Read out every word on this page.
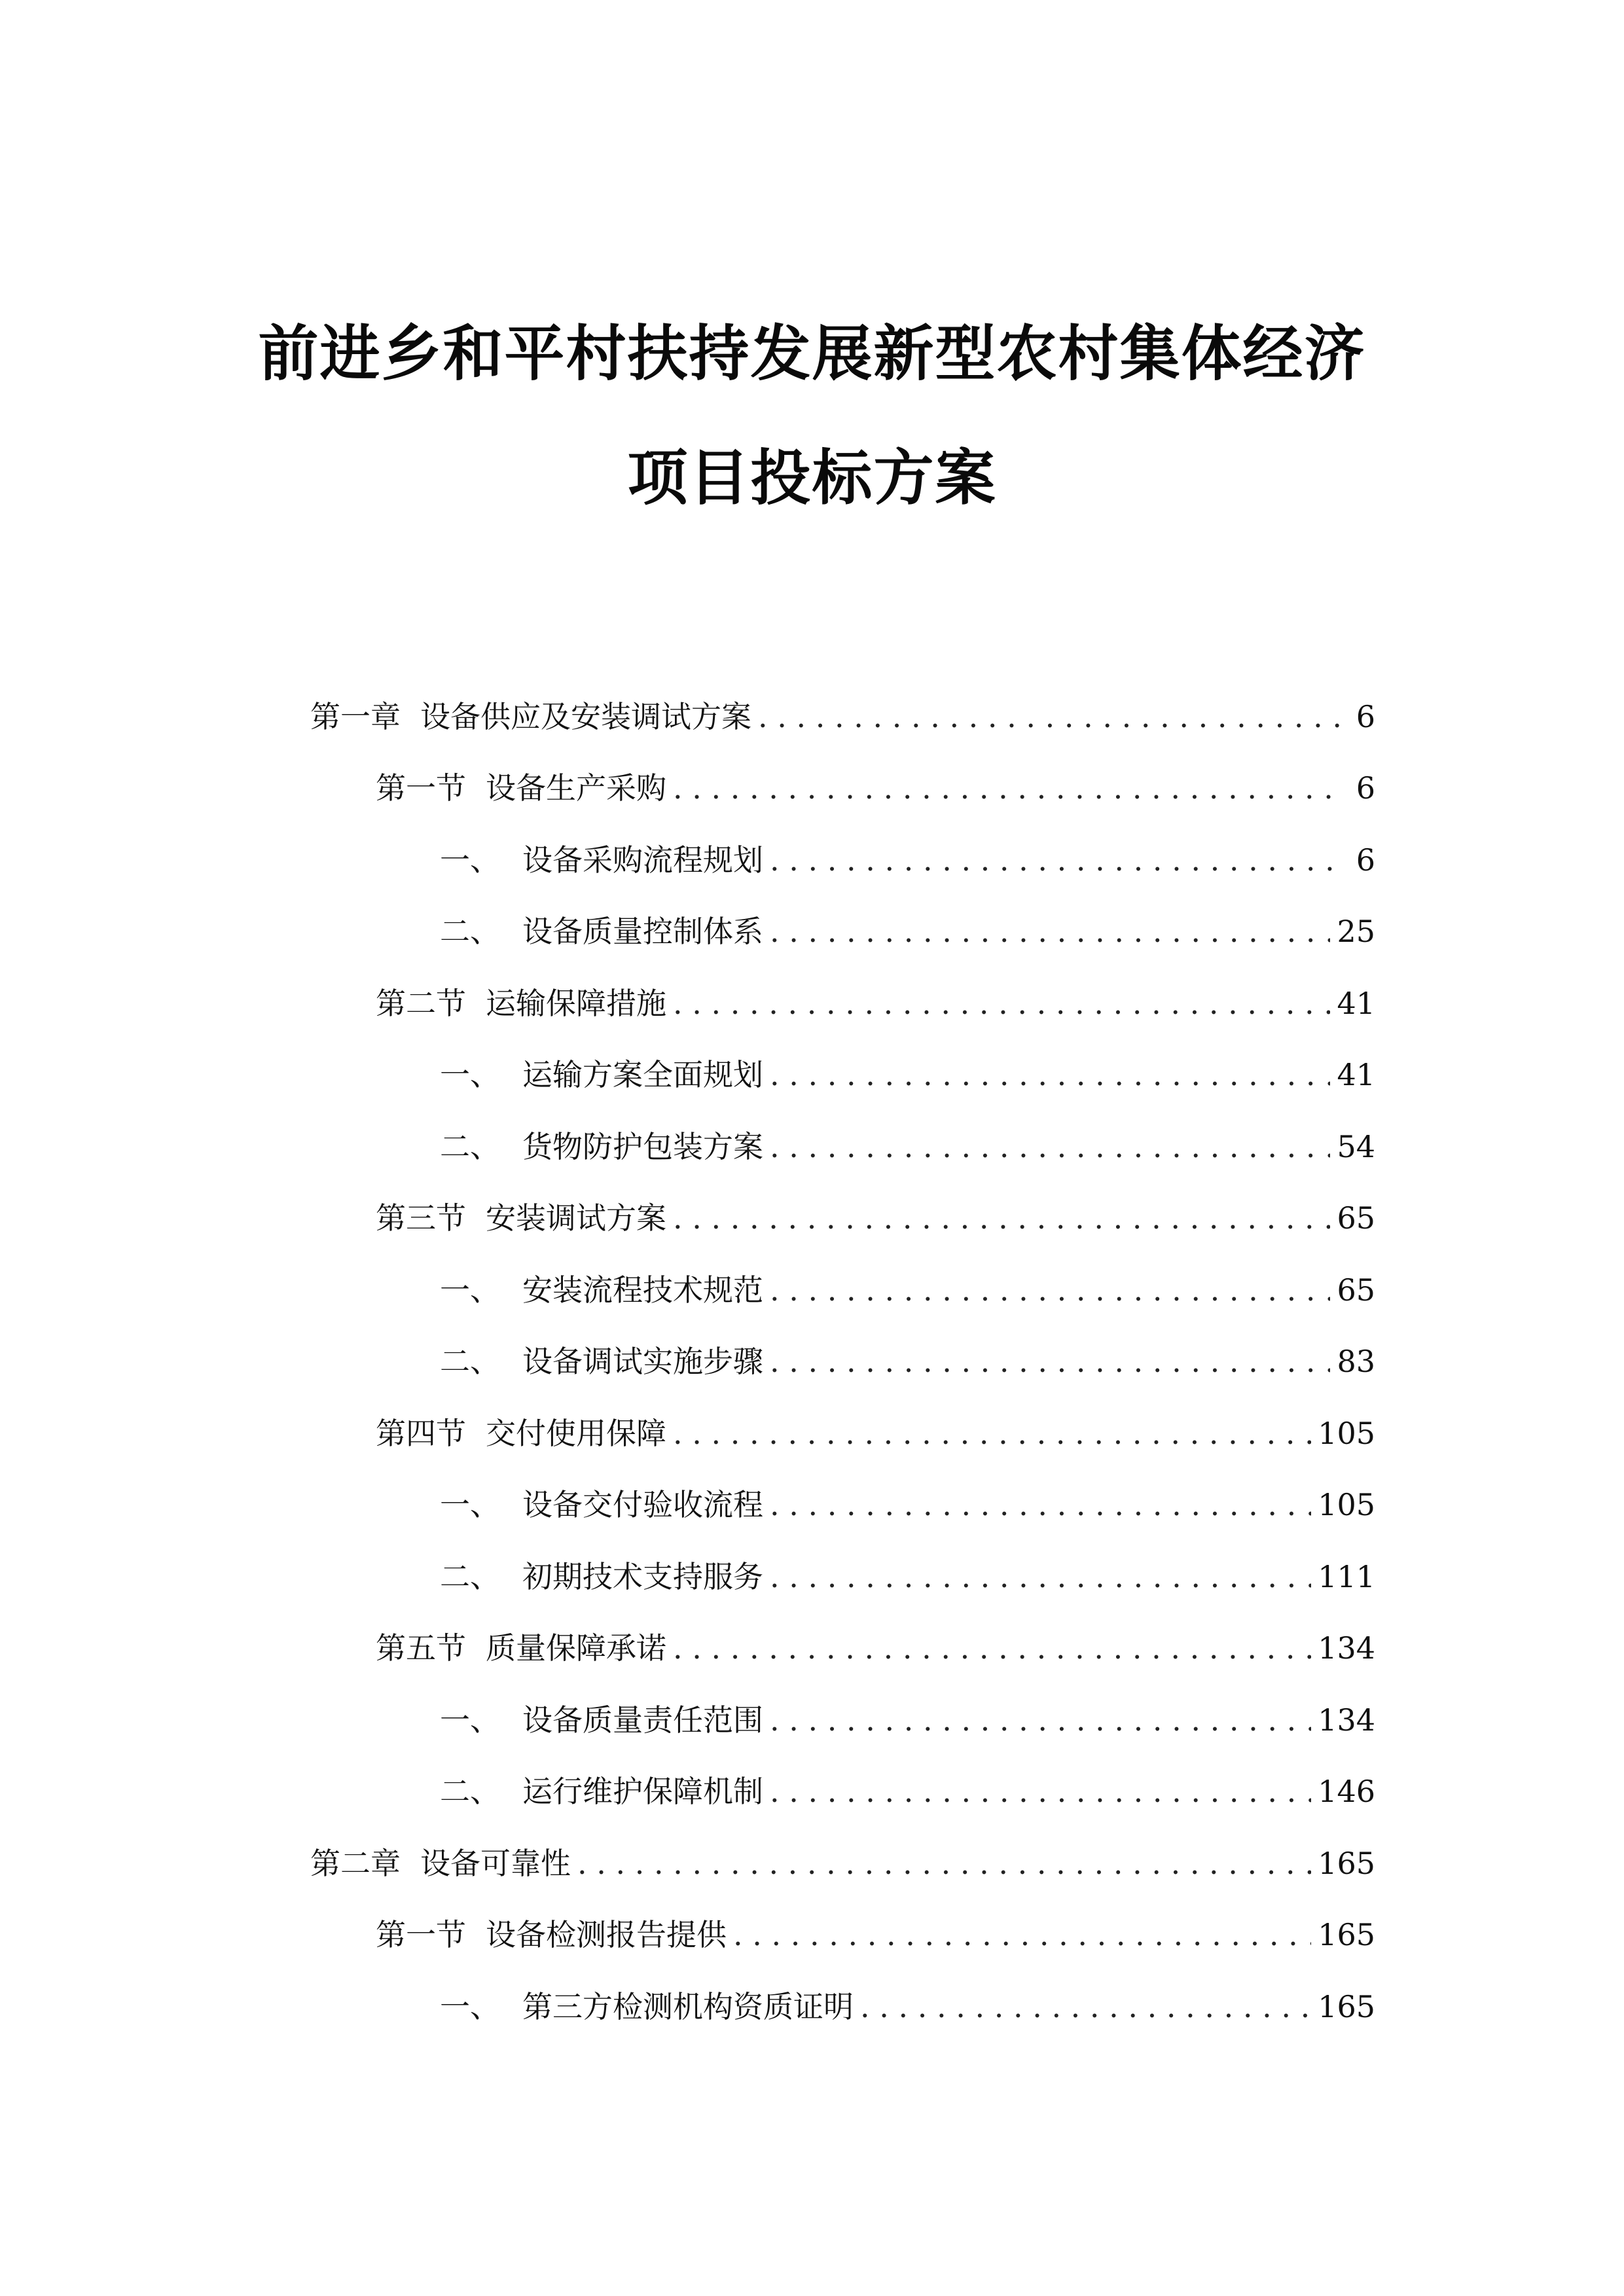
前进乡和平村扶持发展新型农村集体经济
项目投标方案
第一章 设备供应及安装调试方案 . . .	6
第一节 设备生产采购 . . .	6
一、 设备采购流程规划 . . .	6
二、 设备质量控制体系 . . .	25
第二节 运输保障措施 . . .	41
一、 运输方案全面规划 . . .	41
二、 货物防护包装方案 . . .	54
第三节 安装调试方案 . . .	65
一、 安装流程技术规范 . . .	65
二、 设备调试实施步骤 . . .	83
第四节 交付使用保障 . . .	105
一、 设备交付验收流程 . . .	105
二、 初期技术支持服务 . . .	111
第五节 质量保障承诺 . . .	134
一、 设备质量责任范围 . . .	134
二、 运行维护保障机制 . . .	146
第二章 设备可靠性 . . .	165
第一节 设备检测报告提供 . . .	165
一、 第三方检测机构资质证明 . . .	165
